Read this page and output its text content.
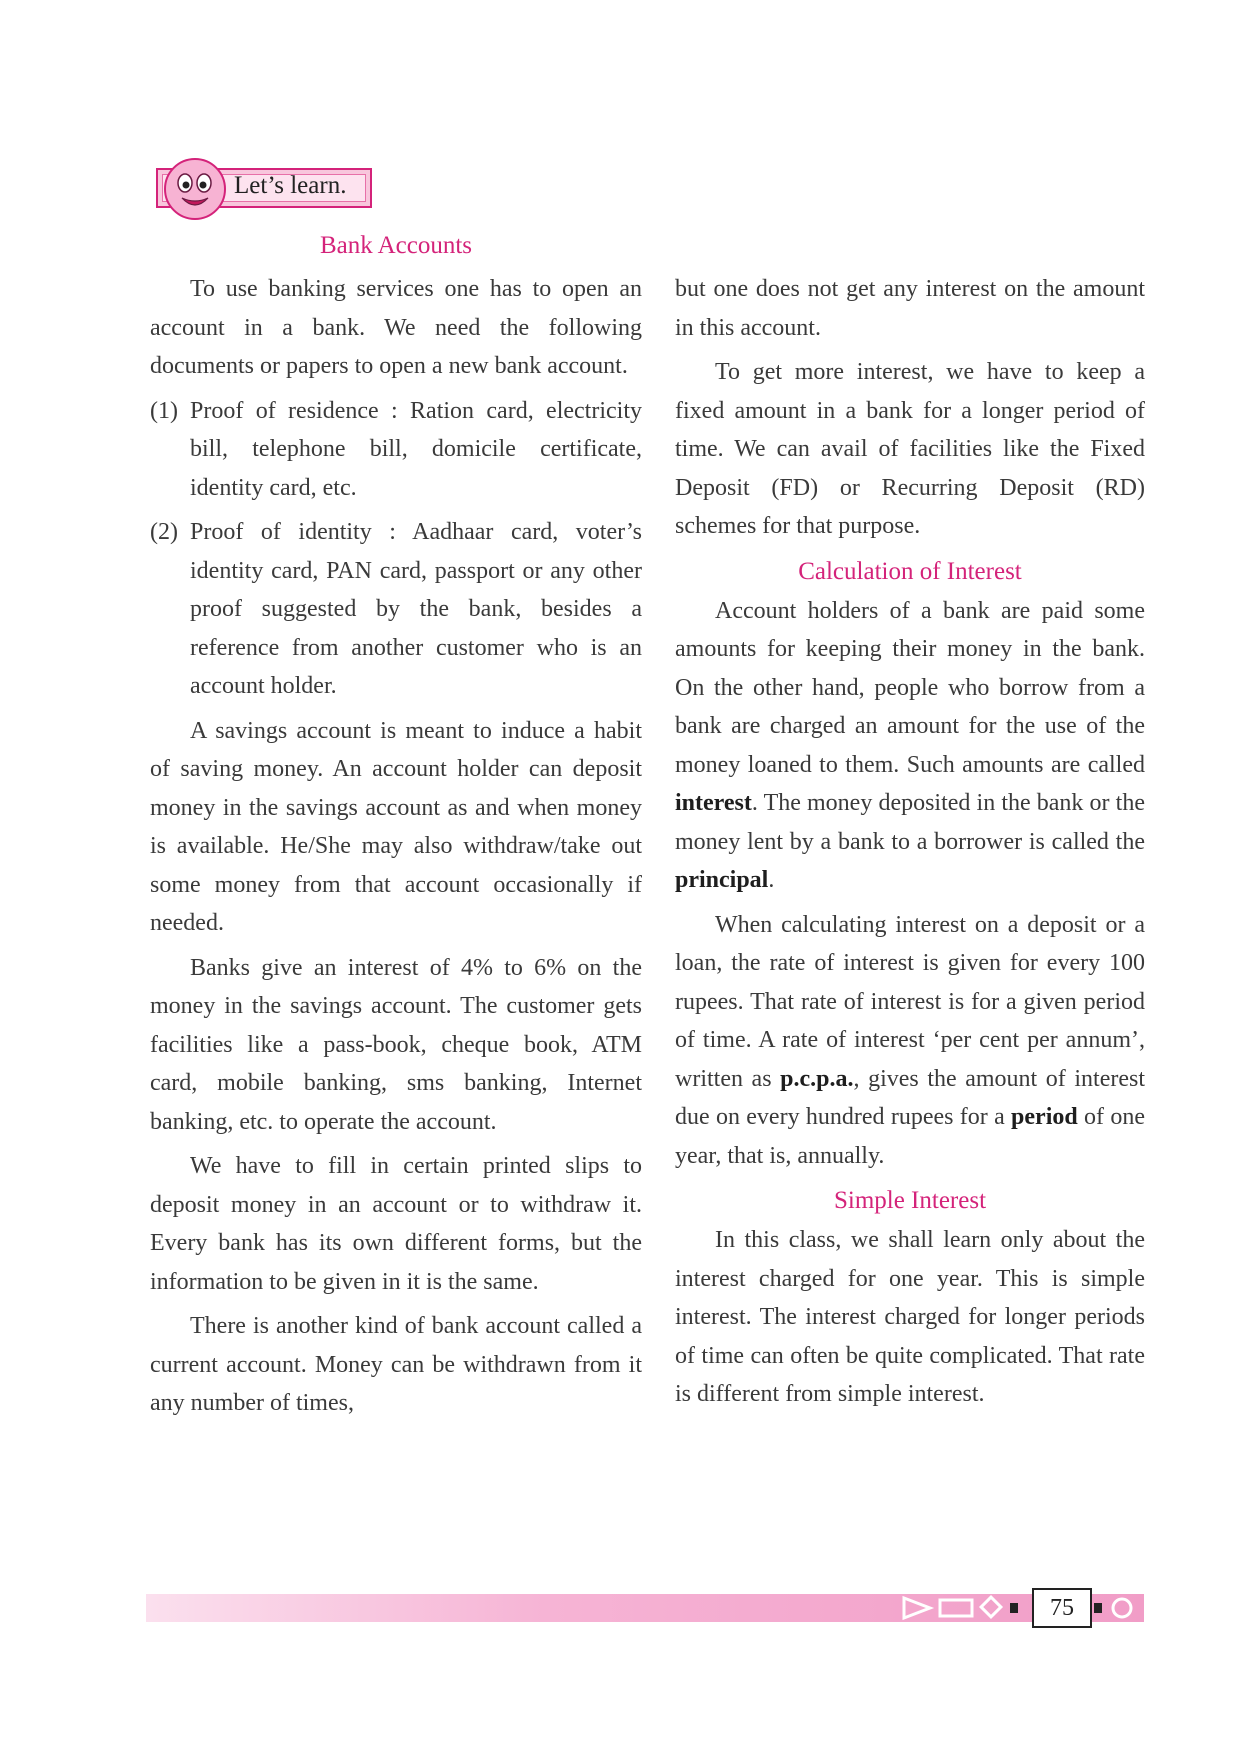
Let’s learn.
Bank Accounts

To use banking services one has to open an account in a bank. We need the following documents or papers to open a new bank account.

(1) Proof of residence : Ration card, electricity bill, telephone bill, domicile certificate, identity card, etc.
(2) Proof of identity : Aadhaar card, voter’s identity card, PAN card, passport or any other proof suggested by the bank, besides a reference from another customer who is an account holder.

A savings account is meant to induce a habit of saving money. An account holder can deposit money in the savings account as and when money is available. He/She may also withdraw/take out some money from that account occasionally if needed.

Banks give an interest of 4% to 6% on the money in the savings account. The customer gets facilities like a pass-book, cheque book, ATM card, mobile banking, sms banking, Internet banking, etc. to operate the account.

We have to fill in certain printed slips to deposit money in an account or to withdraw it. Every bank has its own different forms, but the information to be given in it is the same.

There is another kind of bank account called a current account. Money can be withdrawn from it any number of times,

but one does not get any interest on the amount in this account.

To get more interest, we have to keep a fixed amount in a bank for a longer period of time. We can avail of facilities like the Fixed Deposit (FD) or Recurring Deposit (RD) schemes for that purpose.

Calculation of Interest

Account holders of a bank are paid some amounts for keeping their money in the bank. On the other hand, people who borrow from a bank are charged an amount for the use of the money loaned to them. Such amounts are called interest. The money deposited in the bank or the money lent by a bank to a borrower is called the principal.

When calculating interest on a deposit or a loan, the rate of interest is given for every 100 rupees. That rate of interest is for a given period of time. A rate of interest ‘per cent per annum’, written as p.c.p.a., gives the amount of interest due on every hundred rupees for a period of one year, that is, annually.

Simple Interest

In this class, we shall learn only about the interest charged for one year. This is simple interest. The interest charged for longer periods of time can often be quite complicated. That rate is different from simple interest.

75
